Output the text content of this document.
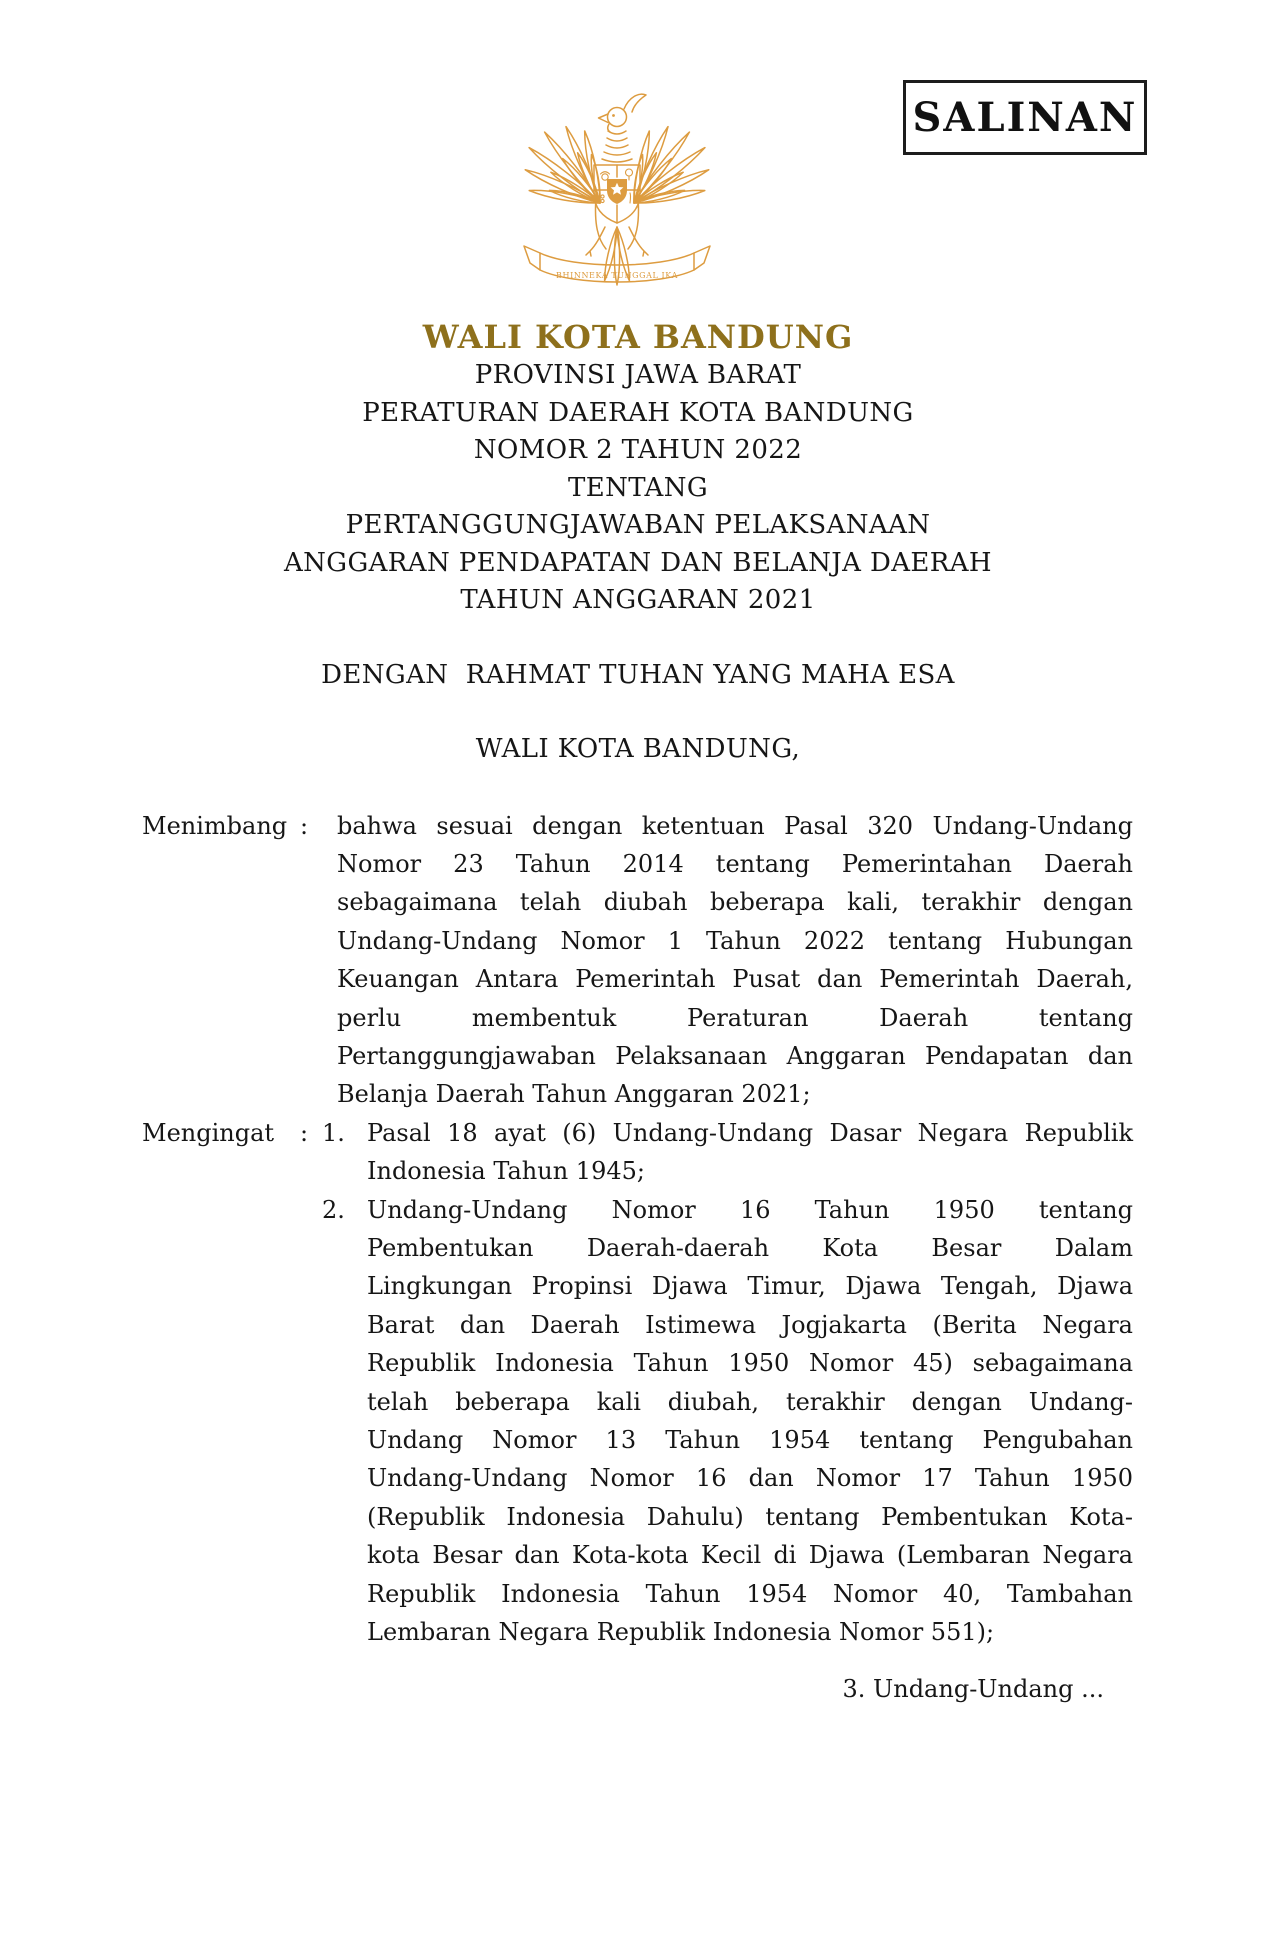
SALINAN
BHINNEKA TUNGGAL IKA
WALI KOTA BANDUNG
PROVINSI JAWA BARAT
PERATURAN DAERAH KOTA BANDUNG
NOMOR 2 TAHUN 2022
TENTANG
PERTANGGUNGJAWABAN PELAKSANAAN
ANGGARAN PENDAPATAN DAN BELANJA DAERAH
TAHUN ANGGARAN 2021
DENGAN  RAHMAT TUHAN YANG MAHA ESA
WALI KOTA BANDUNG,
Menimbang : bahwa sesuai dengan ketentuan Pasal 320 Undang-Undang
Nomor 23 Tahun 2014 tentang Pemerintahan Daerah
sebagaimana telah diubah beberapa kali, terakhir dengan
Undang-Undang Nomor 1 Tahun 2022 tentang Hubungan
Keuangan Antara Pemerintah Pusat dan Pemerintah Daerah,
perlu membentuk Peraturan Daerah tentang
Pertanggungjawaban Pelaksanaan Anggaran Pendapatan dan
Belanja Daerah Tahun Anggaran 2021;
Mengingat : 1. Pasal 18 ayat (6) Undang-Undang Dasar Negara Republik
Indonesia Tahun 1945;
2. Undang-Undang Nomor 16 Tahun 1950 tentang
Pembentukan Daerah-daerah Kota Besar Dalam
Lingkungan Propinsi Djawa Timur, Djawa Tengah, Djawa
Barat dan Daerah Istimewa Jogjakarta (Berita Negara
Republik Indonesia Tahun 1950 Nomor 45) sebagaimana
telah beberapa kali diubah, terakhir dengan Undang-
Undang Nomor 13 Tahun 1954 tentang Pengubahan
Undang-Undang Nomor 16 dan Nomor 17 Tahun 1950
(Republik Indonesia Dahulu) tentang Pembentukan Kota-
kota Besar dan Kota-kota Kecil di Djawa (Lembaran Negara
Republik Indonesia Tahun 1954 Nomor 40, Tambahan
Lembaran Negara Republik Indonesia Nomor 551);
3. Undang-Undang ...
